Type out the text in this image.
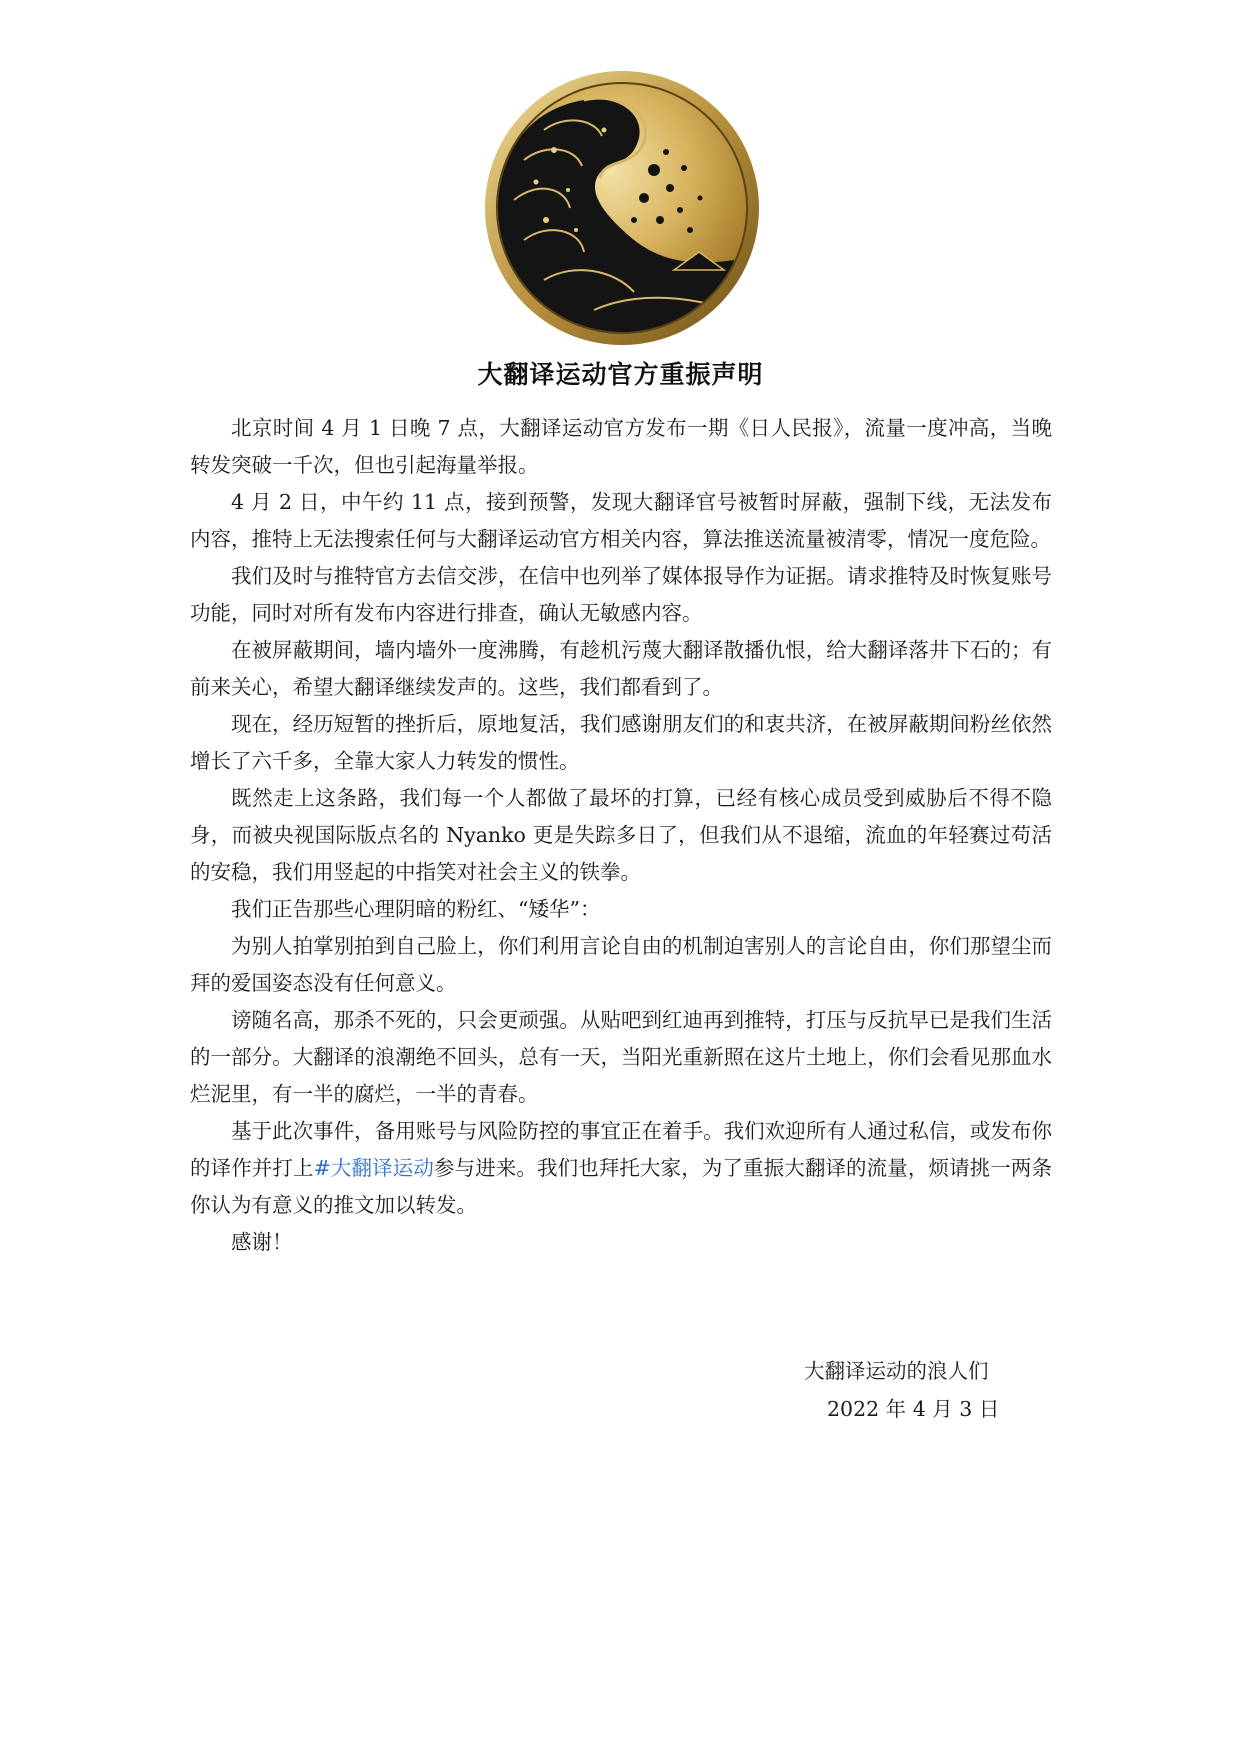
大翻译运动官方重振声明

北京时间 4 月 1 日晚 7 点，大翻译运动官方发布一期《日人民报》，流量一度冲高，当晚转发突破一千次，但也引起海量举报。

4 月 2 日，中午约 11 点，接到预警，发现大翻译官号被暂时屏蔽，强制下线，无法发布内容，推特上无法搜索任何与大翻译运动官方相关内容，算法推送流量被清零，情况一度危险。

我们及时与推特官方去信交涉，在信中也列举了媒体报导作为证据。请求推特及时恢复账号功能，同时对所有发布内容进行排查，确认无敏感内容。

在被屏蔽期间，墙内墙外一度沸腾，有趁机污蔑大翻译散播仇恨，给大翻译落井下石的；有前来关心，希望大翻译继续发声的。这些，我们都看到了。

现在，经历短暂的挫折后，原地复活，我们感谢朋友们的和衷共济，在被屏蔽期间粉丝依然增长了六千多，全靠大家人力转发的惯性。

既然走上这条路，我们每一个人都做了最坏的打算，已经有核心成员受到威胁后不得不隐身，而被央视国际版点名的 Nyanko 更是失踪多日了，但我们从不退缩，流血的年轻赛过苟活的安稳，我们用竖起的中指笑对社会主义的铁拳。

我们正告那些心理阴暗的粉红、“矮华”：

为别人拍掌别拍到自己脸上，你们利用言论自由的机制迫害别人的言论自由，你们那望尘而拜的爱国姿态没有任何意义。

谤随名高，那杀不死的，只会更顽强。从贴吧到红迪再到推特，打压与反抗早已是我们生活的一部分。大翻译的浪潮绝不回头，总有一天，当阳光重新照在这片土地上，你们会看见那血水烂泥里，有一半的腐烂，一半的青春。

基于此次事件，备用账号与风险防控的事宜正在着手。我们欢迎所有人通过私信，或发布你的译作并打上#大翻译运动参与进来。我们也拜托大家，为了重振大翻译的流量，烦请挑一两条你认为有意义的推文加以转发。

感谢！

大翻译运动的浪人们
2022 年 4 月 3 日
